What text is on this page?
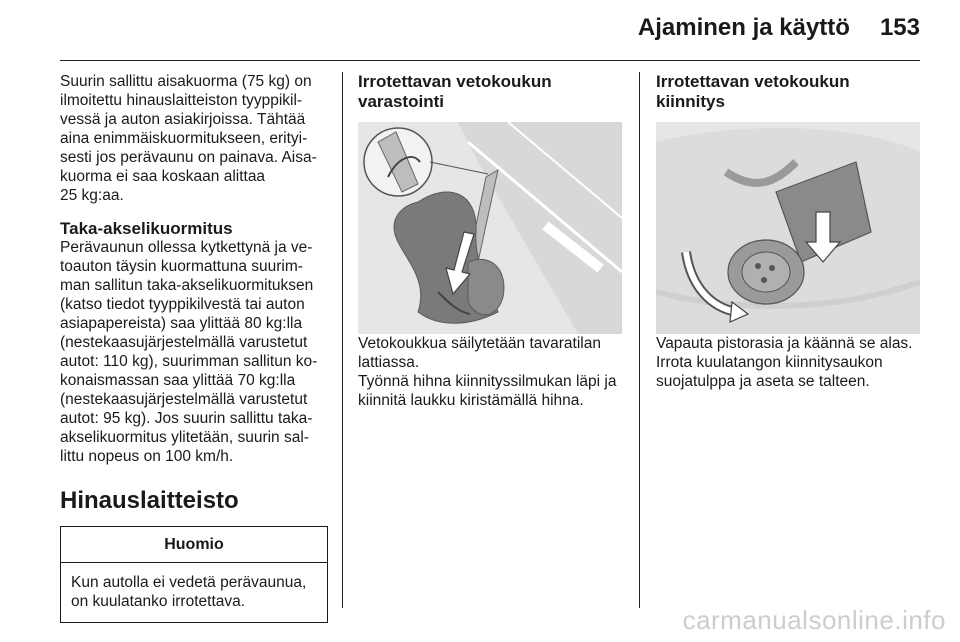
Ajaminen ja käyttö 153

Suurin sallittu aisakuorma (75 kg) on
ilmoitettu hinauslaitteiston tyyppikil-
vessä ja auton asiakirjoissa. Tähtää
aina enimmäiskuormitukseen, erityi-
sesti jos perävaunu on painava. Aisa-
kuorma ei saa koskaan alittaa
25 kg:aa.

Taka-akselikuormitus

Perävaunun ollessa kytkettynä ja ve-
toauton täysin kuormattuna suurim-
man sallitun taka-akselikuormituksen
(katso tiedot tyyppikilvestä tai auton
asiapapereista) saa ylittää 80 kg:lla
(nestekaasujärjestelmällä varustetut
autot: 110 kg), suurimman sallitun ko-
konaismassan saa ylittää 70 kg:lla
(nestekaasujärjestelmällä varustetut
autot: 95 kg). Jos suurin sallittu taka-
akselikuormitus ylitetään, suurin sal-
littu nopeus on 100 km/h.

Hinauslaitteisto
Huomio
Kun autolla ei vedetä perävaunua,
on kuulatanko irrotettava.
Irrotettavan vetokoukun
varastointi

Vetokoukkua säilytetään tavaratilan
lattiassa.

Työnnä hihna kiinnityssilmukan läpi ja
kiinnitä laukku kiristämällä hihna.

Irrotettavan vetokoukun
kiinnitys

Vapauta pistorasia ja käännä se alas.
Irrota kuulatangon kiinnitysaukon
suojatulppa ja aseta se talteen.

carmanualsonline.info
